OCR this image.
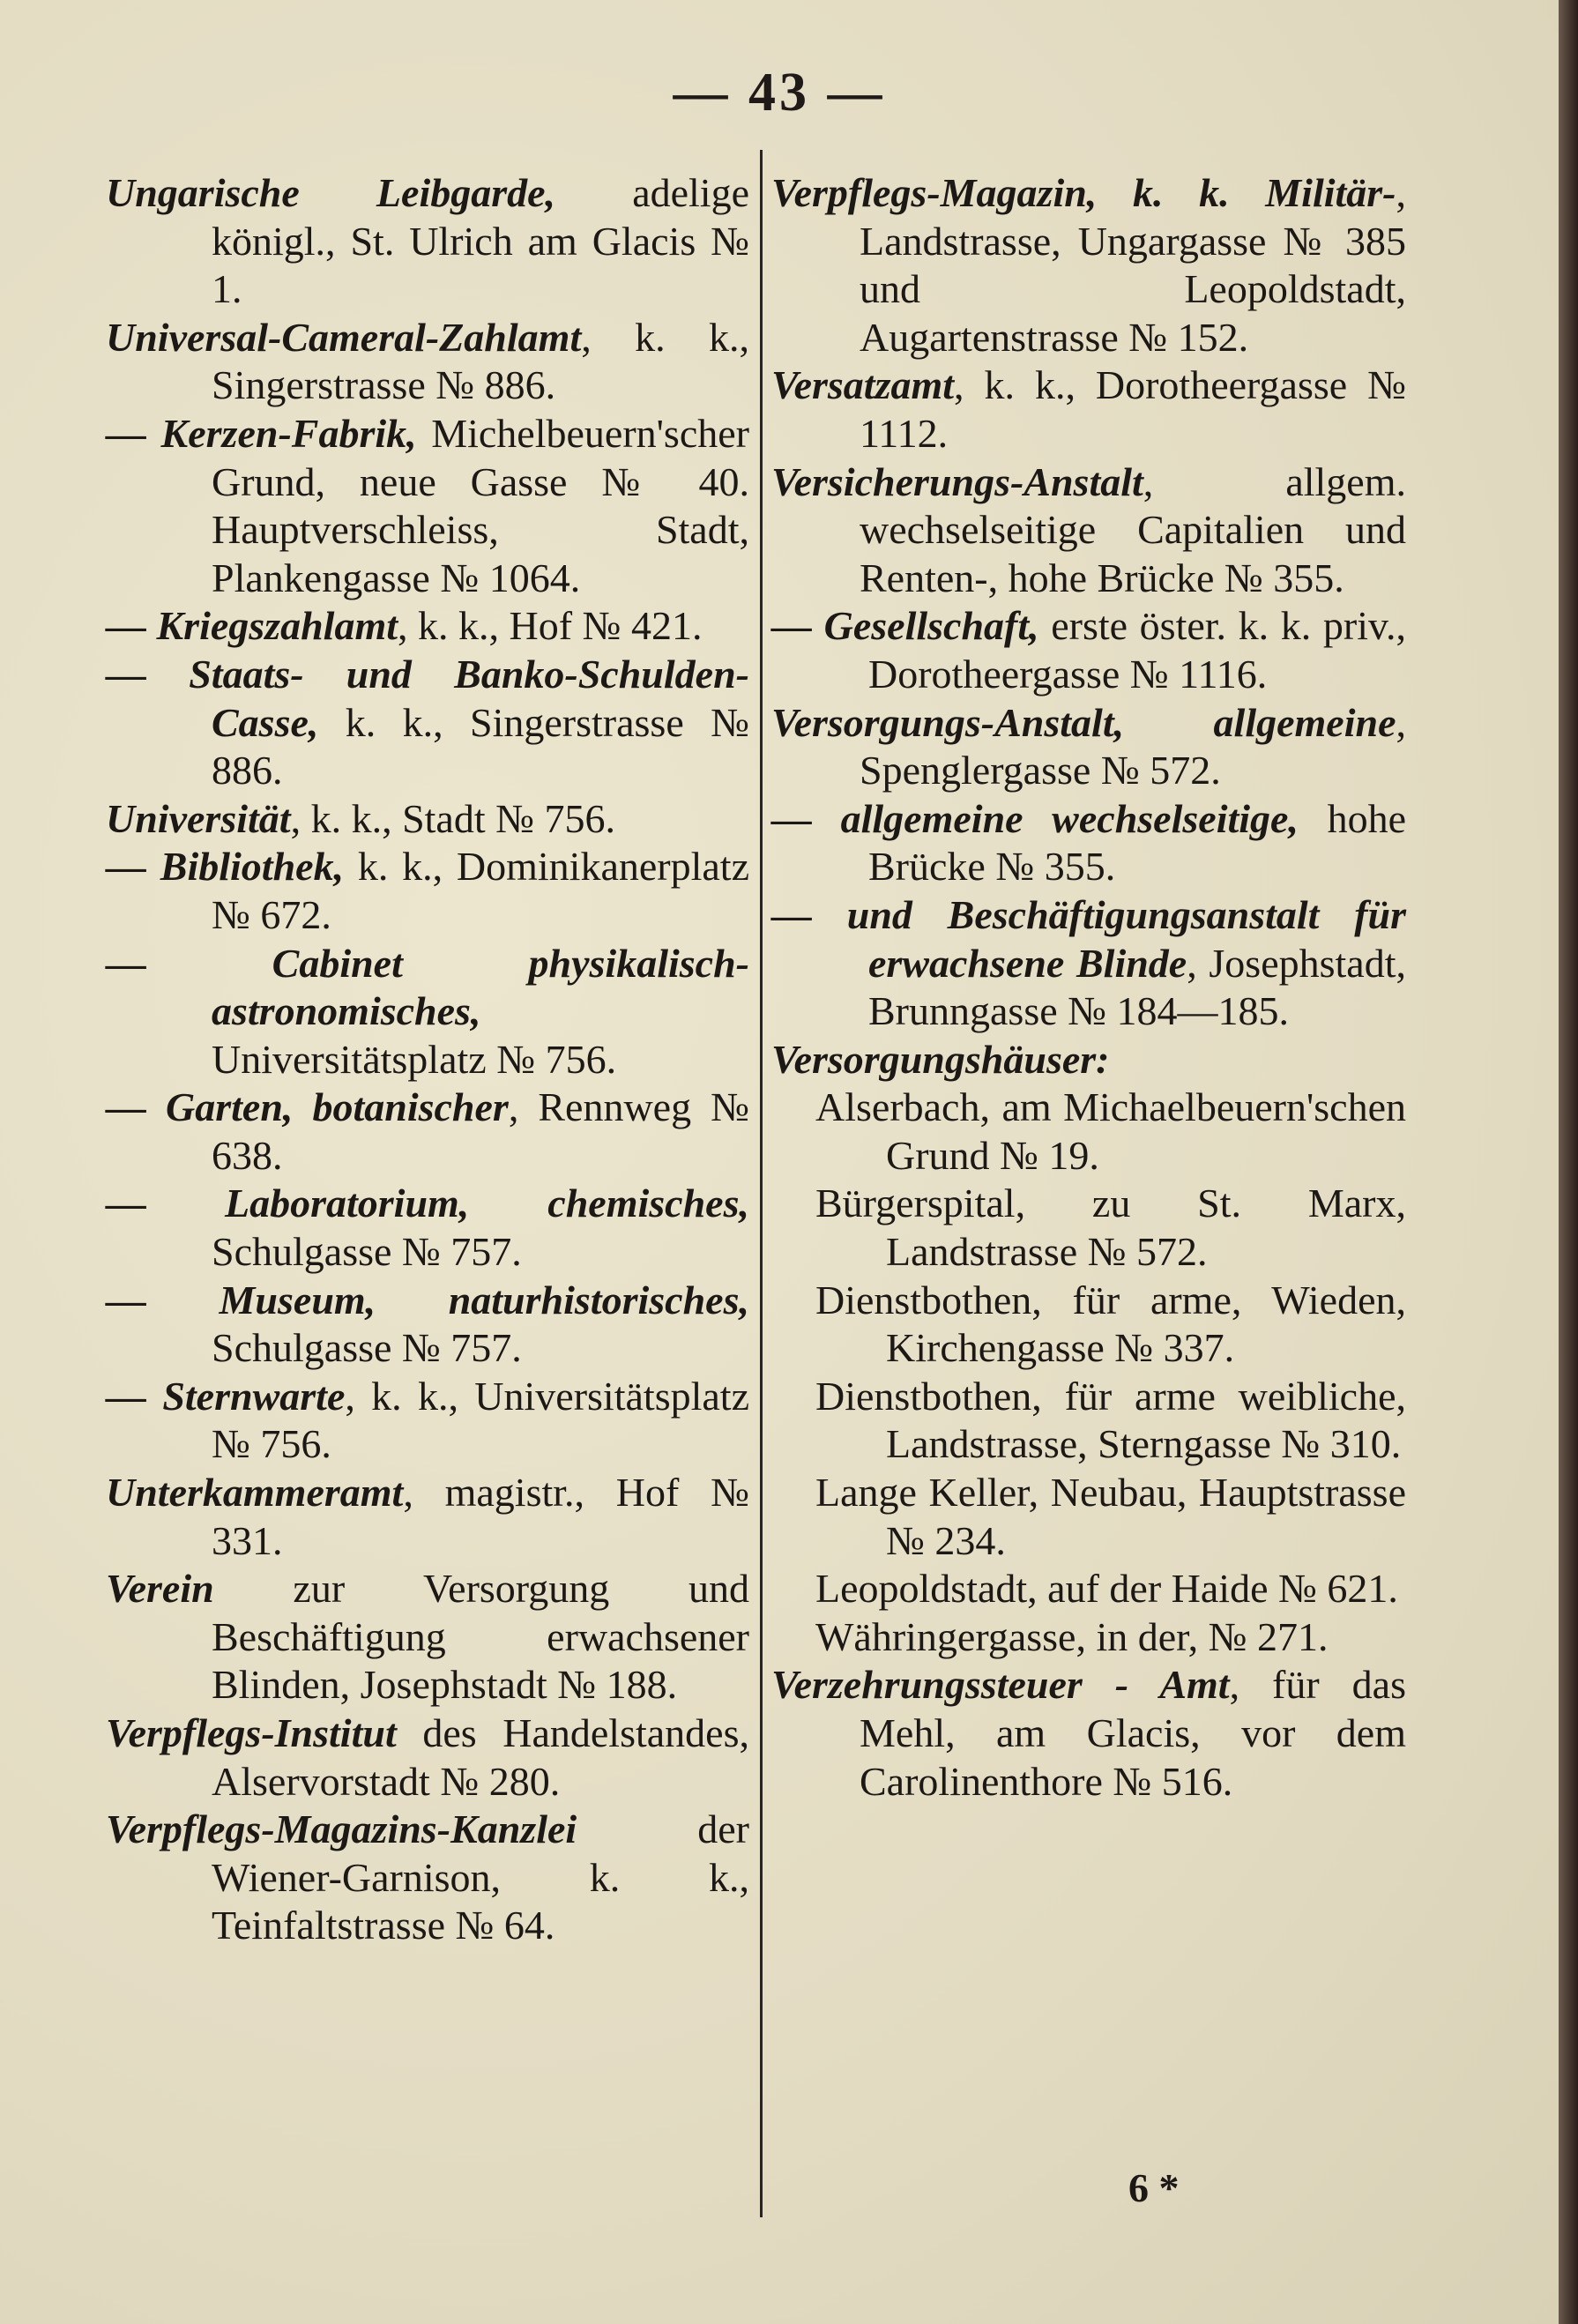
— 43 —
Ungarische Leibgarde, adelige königl., St. Ulrich am Glacis № 1.
Universal-Cameral-Zahlamt, k. k., Singerstrasse № 886.
— Kerzen-Fabrik, Michelbeuern'scher Grund, neue Gasse № 40. Hauptverschleiss, Stadt, Plankengasse № 1064.
— Kriegszahlamt, k. k., Hof № 421.
— Staats- und Banko-Schulden-Casse, k. k., Singerstrasse № 886.
Universität, k. k., Stadt № 756.
— Bibliothek, k. k., Dominikanerplatz № 672.
— Cabinet physikalisch-astronomisches, Universitätsplatz № 756.
— Garten, botanischer, Rennweg № 638.
— Laboratorium, chemisches, Schulgasse № 757.
— Museum, naturhistorisches, Schulgasse № 757.
— Sternwarte, k. k., Universitätsplatz № 756.
Unterkammeramt, magistr., Hof № 331.
Verein zur Versorgung und Beschäftigung erwachsener Blinden, Josephstadt № 188.
Verpflegs-Institut des Handelstandes, Alservorstadt № 280.
Verpflegs-Magazins-Kanzlei der Wiener-Garnison, k. k., Teinfaltstrasse № 64.
Verpflegs-Magazin, k. k. Militär-, Landstrasse, Ungargasse № 385 und Leopoldstadt, Augartenstrasse № 152.
Versatzamt, k. k., Dorotheergasse № 1112.
Versicherungs-Anstalt, allgem. wechselseitige Capitalien und Renten-, hohe Brücke № 355.
— Gesellschaft, erste öster. k. k. priv., Dorotheergasse № 1116.
Versorgungs-Anstalt, allgemeine, Spenglergasse № 572.
— allgemeine wechselseitige, hohe Brücke № 355.
— und Beschäftigungsanstalt für erwachsene Blinde, Josephstadt, Brunngasse № 184—185.
Versorgungshäuser:
Alserbach, am Michaelbeuern'schen Grund № 19.
Bürgerspital, zu St. Marx, Landstrasse № 572.
Dienstbothen, für arme, Wieden, Kirchengasse № 337.
Dienstbothen, für arme weibliche, Landstrasse, Sterngasse № 310.
Lange Keller, Neubau, Hauptstrasse № 234.
Leopoldstadt, auf der Haide № 621.
Währingergasse, in der, № 271.
Verzehrungssteuer - Amt, für das Mehl, am Glacis, vor dem Carolinenthore № 516.
6 *
